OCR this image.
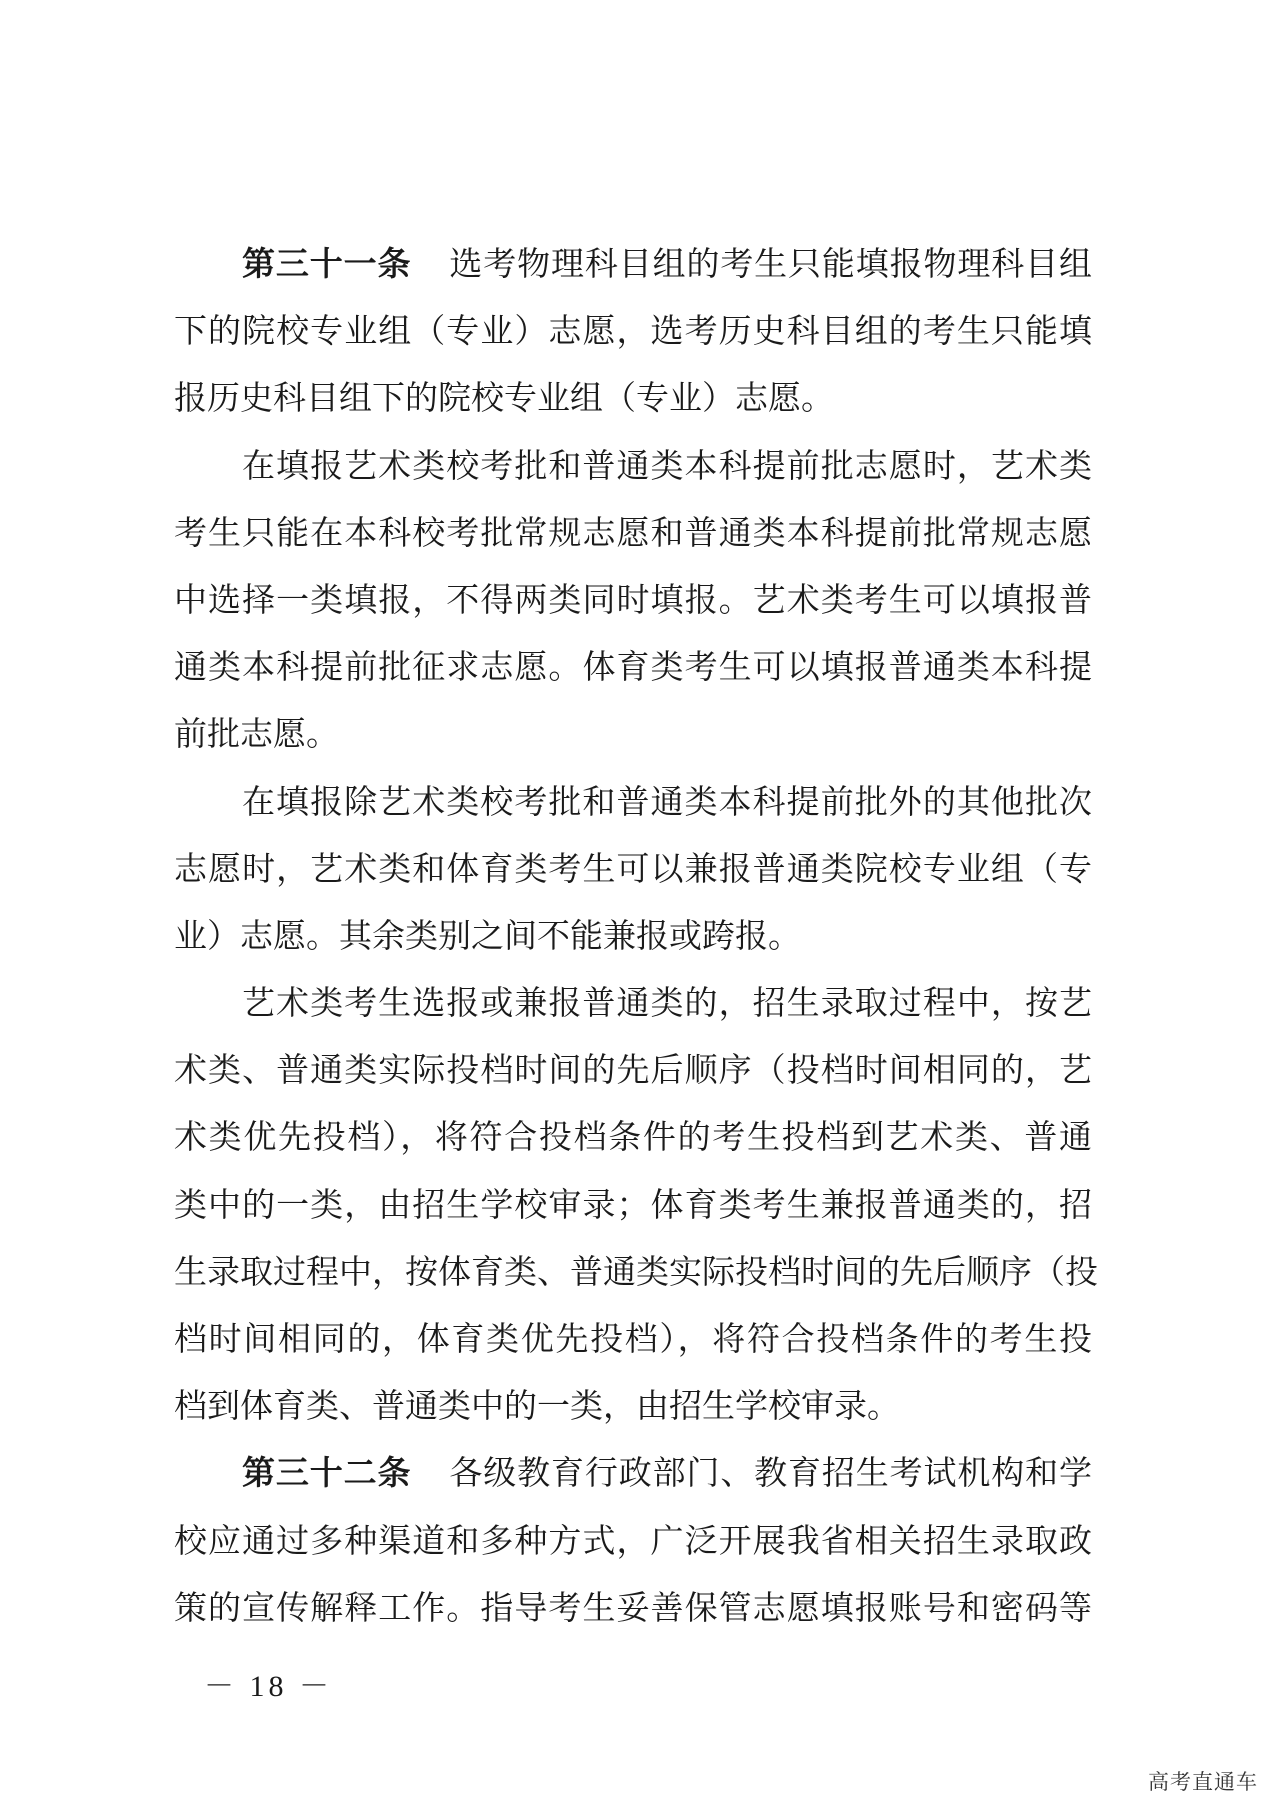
第三十一条 选考物理科目组的考生只能填报物理科目组
下的院校专业组（专业）志愿，选考历史科目组的考生只能填
报历史科目组下的院校专业组（专业）志愿。
在填报艺术类校考批和普通类本科提前批志愿时，艺术类
考生只能在本科校考批常规志愿和普通类本科提前批常规志愿
中选择一类填报，不得两类同时填报。艺术类考生可以填报普
通类本科提前批征求志愿。体育类考生可以填报普通类本科提
前批志愿。
在填报除艺术类校考批和普通类本科提前批外的其他批次
志愿时，艺术类和体育类考生可以兼报普通类院校专业组（专
业）志愿。其余类别之间不能兼报或跨报。
艺术类考生选报或兼报普通类的，招生录取过程中，按艺
术类、普通类实际投档时间的先后顺序（投档时间相同的，艺
术类优先投档），将符合投档条件的考生投档到艺术类、普通
类中的一类，由招生学校审录；体育类考生兼报普通类的，招
生录取过程中，按体育类、普通类实际投档时间的先后顺序（投
档时间相同的，体育类优先投档），将符合投档条件的考生投
档到体育类、普通类中的一类，由招生学校审录。
第三十二条 各级教育行政部门、教育招生考试机构和学
校应通过多种渠道和多种方式，广泛开展我省相关招生录取政
策的宣传解释工作。指导考生妥善保管志愿填报账号和密码等
－ 18 －
高考直通车
